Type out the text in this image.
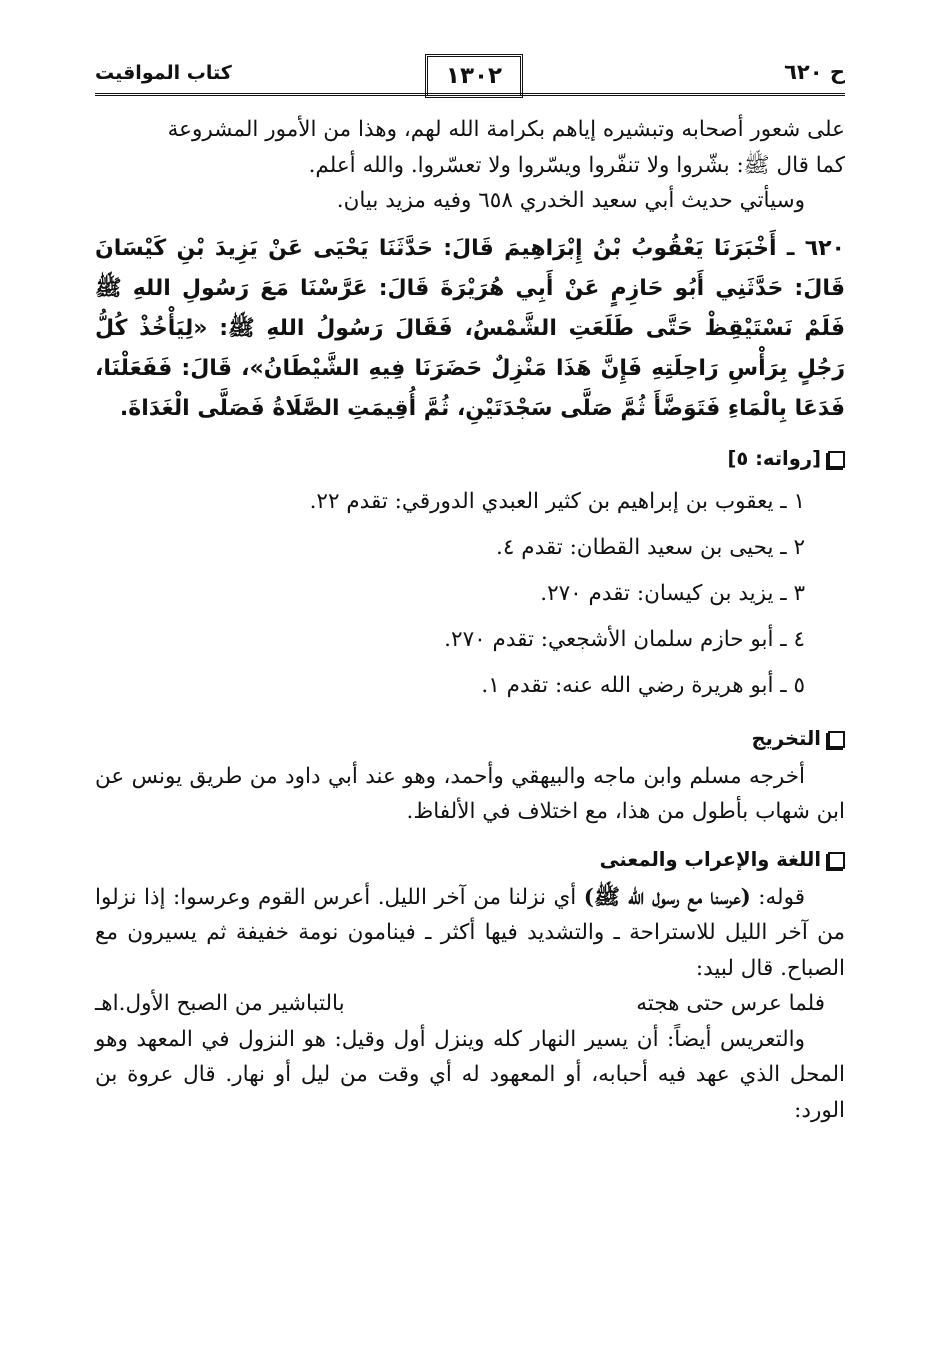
ح ٦٢٠
١٣٠٢
كتاب المواقيت

على شعور أصحابه وتبشيره إياهم بكرامة الله لهم، وهذا من الأمور المشروعة

كما قال ﷺ: بشّروا ولا تنفّروا ويسّروا ولا تعسّروا. والله أعلم.

وسيأتي حديث أبي سعيد الخدري ٦٥٨ وفيه مزيد بيان.

٦٢٠ ـ أَخْبَرَنَا يَعْقُوبُ بْنُ إِبْرَاهِيمَ قَالَ: حَدَّثَنَا يَحْيَى عَنْ يَزِيدَ بْنِ كَيْسَانَ قَالَ: حَدَّثَنِي أَبُو حَازِمٍ عَنْ أَبِي هُرَيْرَةَ قَالَ: عَرَّسْنَا مَعَ رَسُولِ اللهِ ﷺ فَلَمْ نَسْتَيْقِظْ حَتَّى طَلَعَتِ الشَّمْسُ، فَقَالَ رَسُولُ اللهِ ﷺ: «لِيَأْخُذْ كُلُّ رَجُلٍ بِرَأْسِ رَاحِلَتِهِ فَإِنَّ هَذَا مَنْزِلٌ حَضَرَنَا فِيهِ الشَّيْطَانُ»، قَالَ: فَفَعَلْنَا، فَدَعَا بِالْمَاءِ فَتَوَضَّأَ ثُمَّ صَلَّى سَجْدَتَيْنِ، ثُمَّ أُقِيمَتِ الصَّلَاةُ فَصَلَّى الْغَدَاةَ.
[رواته: ٥]
١ ـ يعقوب بن إبراهيم بن كثير العبدي الدورقي: تقدم ٢٢.
٢ ـ يحيى بن سعيد القطان: تقدم ٤.
٣ ـ يزيد بن كيسان: تقدم ٢٧٠.
٤ ـ أبو حازم سلمان الأشجعي: تقدم ٢٧٠.
٥ ـ أبو هريرة رضي الله عنه: تقدم ١.
التخريج

أخرجه مسلم وابن ماجه والبيهقي وأحمد، وهو عند أبي داود من طريق يونس عن ابن شهاب بأطول من هذا، مع اختلاف في الألفاظ.

اللغة والإعراب والمعنى

قوله: (عرسنا مع رسول الله ﷺ) أي نزلنا من آخر الليل. أعرس القوم وعرسوا: إذا نزلوا من آخر الليل للاستراحة ـ والتشديد فيها أكثر ـ فينامون نومة خفيفة ثم يسيرون مع الصباح. قال لبيد:

فلما عرس حتى هجته
بالتباشير من الصبح الأول.اهـ

والتعريس أيضاً: أن يسير النهار كله وينزل أول وقيل: هو النزول في المعهد وهو المحل الذي عهد فيه أحبابه، أو المعهود له أي وقت من ليل أو نهار. قال عروة بن الورد:
